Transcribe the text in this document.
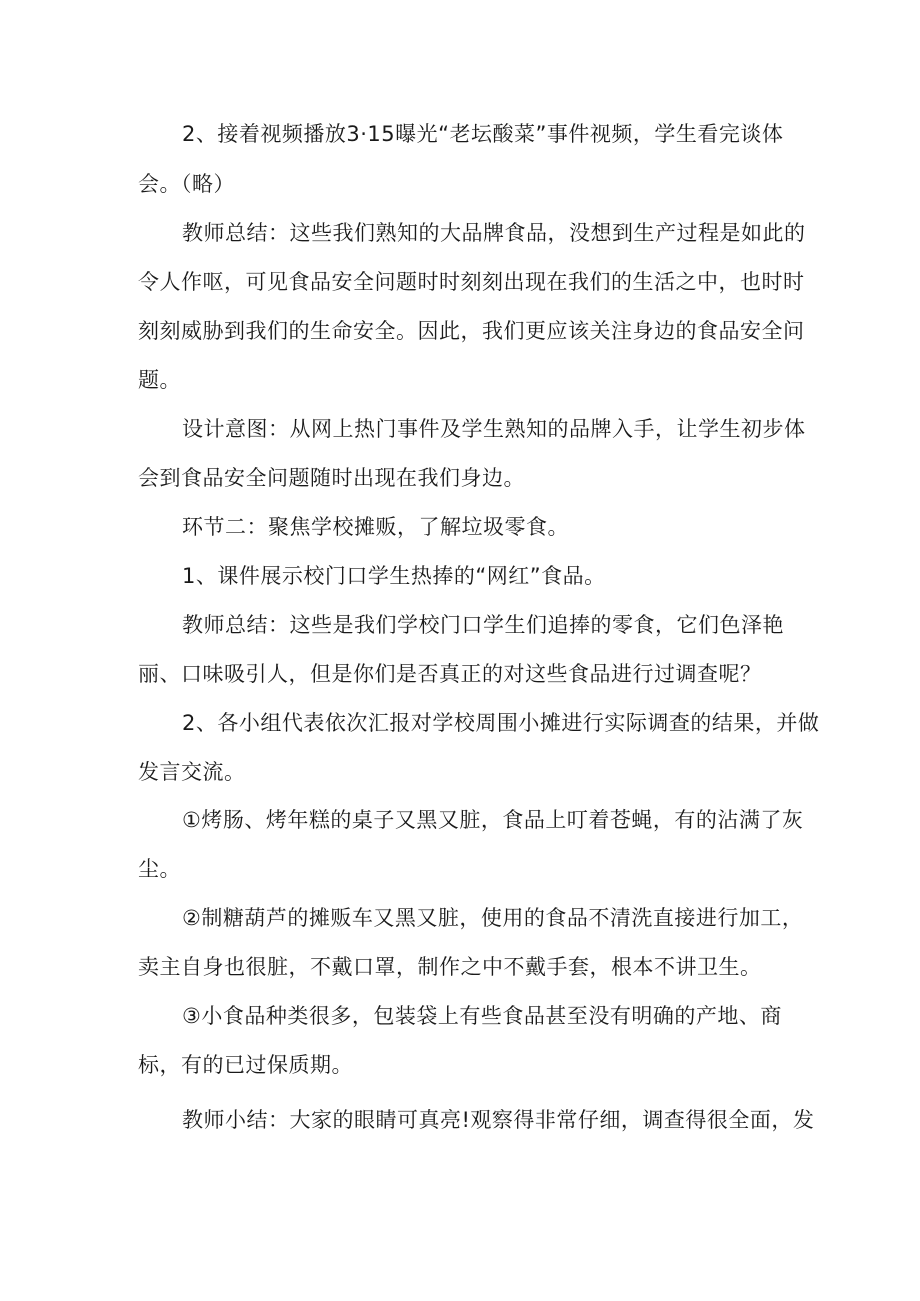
2、接着视频播放3·15曝光“老坛酸菜”事件视频，学生看完谈体
会。（略）
教师总结：这些我们熟知的大品牌食品，没想到生产过程是如此的
令人作呕，可见食品安全问题时时刻刻出现在我们的生活之中，也时时
刻刻威胁到我们的生命安全。因此，我们更应该关注身边的食品安全问
题。
设计意图：从网上热门事件及学生熟知的品牌入手，让学生初步体
会到食品安全问题随时出现在我们身边。
环节二：聚焦学校摊贩，了解垃圾零食。
1、课件展示校门口学生热捧的“网红”食品。
教师总结：这些是我们学校门口学生们追捧的零食，它们色泽艳
丽、口味吸引人，但是你们是否真正的对这些食品进行过调查呢？
2、各小组代表依次汇报对学校周围小摊进行实际调查的结果，并做
发言交流。
①烤肠、烤年糕的桌子又黑又脏，食品上叮着苍蝇，有的沾满了灰
尘。
②制糖葫芦的摊贩车又黑又脏，使用的食品不清洗直接进行加工，
卖主自身也很脏，不戴口罩，制作之中不戴手套，根本不讲卫生。
③小食品种类很多，包装袋上有些食品甚至没有明确的产地、商
标，有的已过保质期。
教师小结：大家的眼睛可真亮!观察得非常仔细，调查得很全面，发
